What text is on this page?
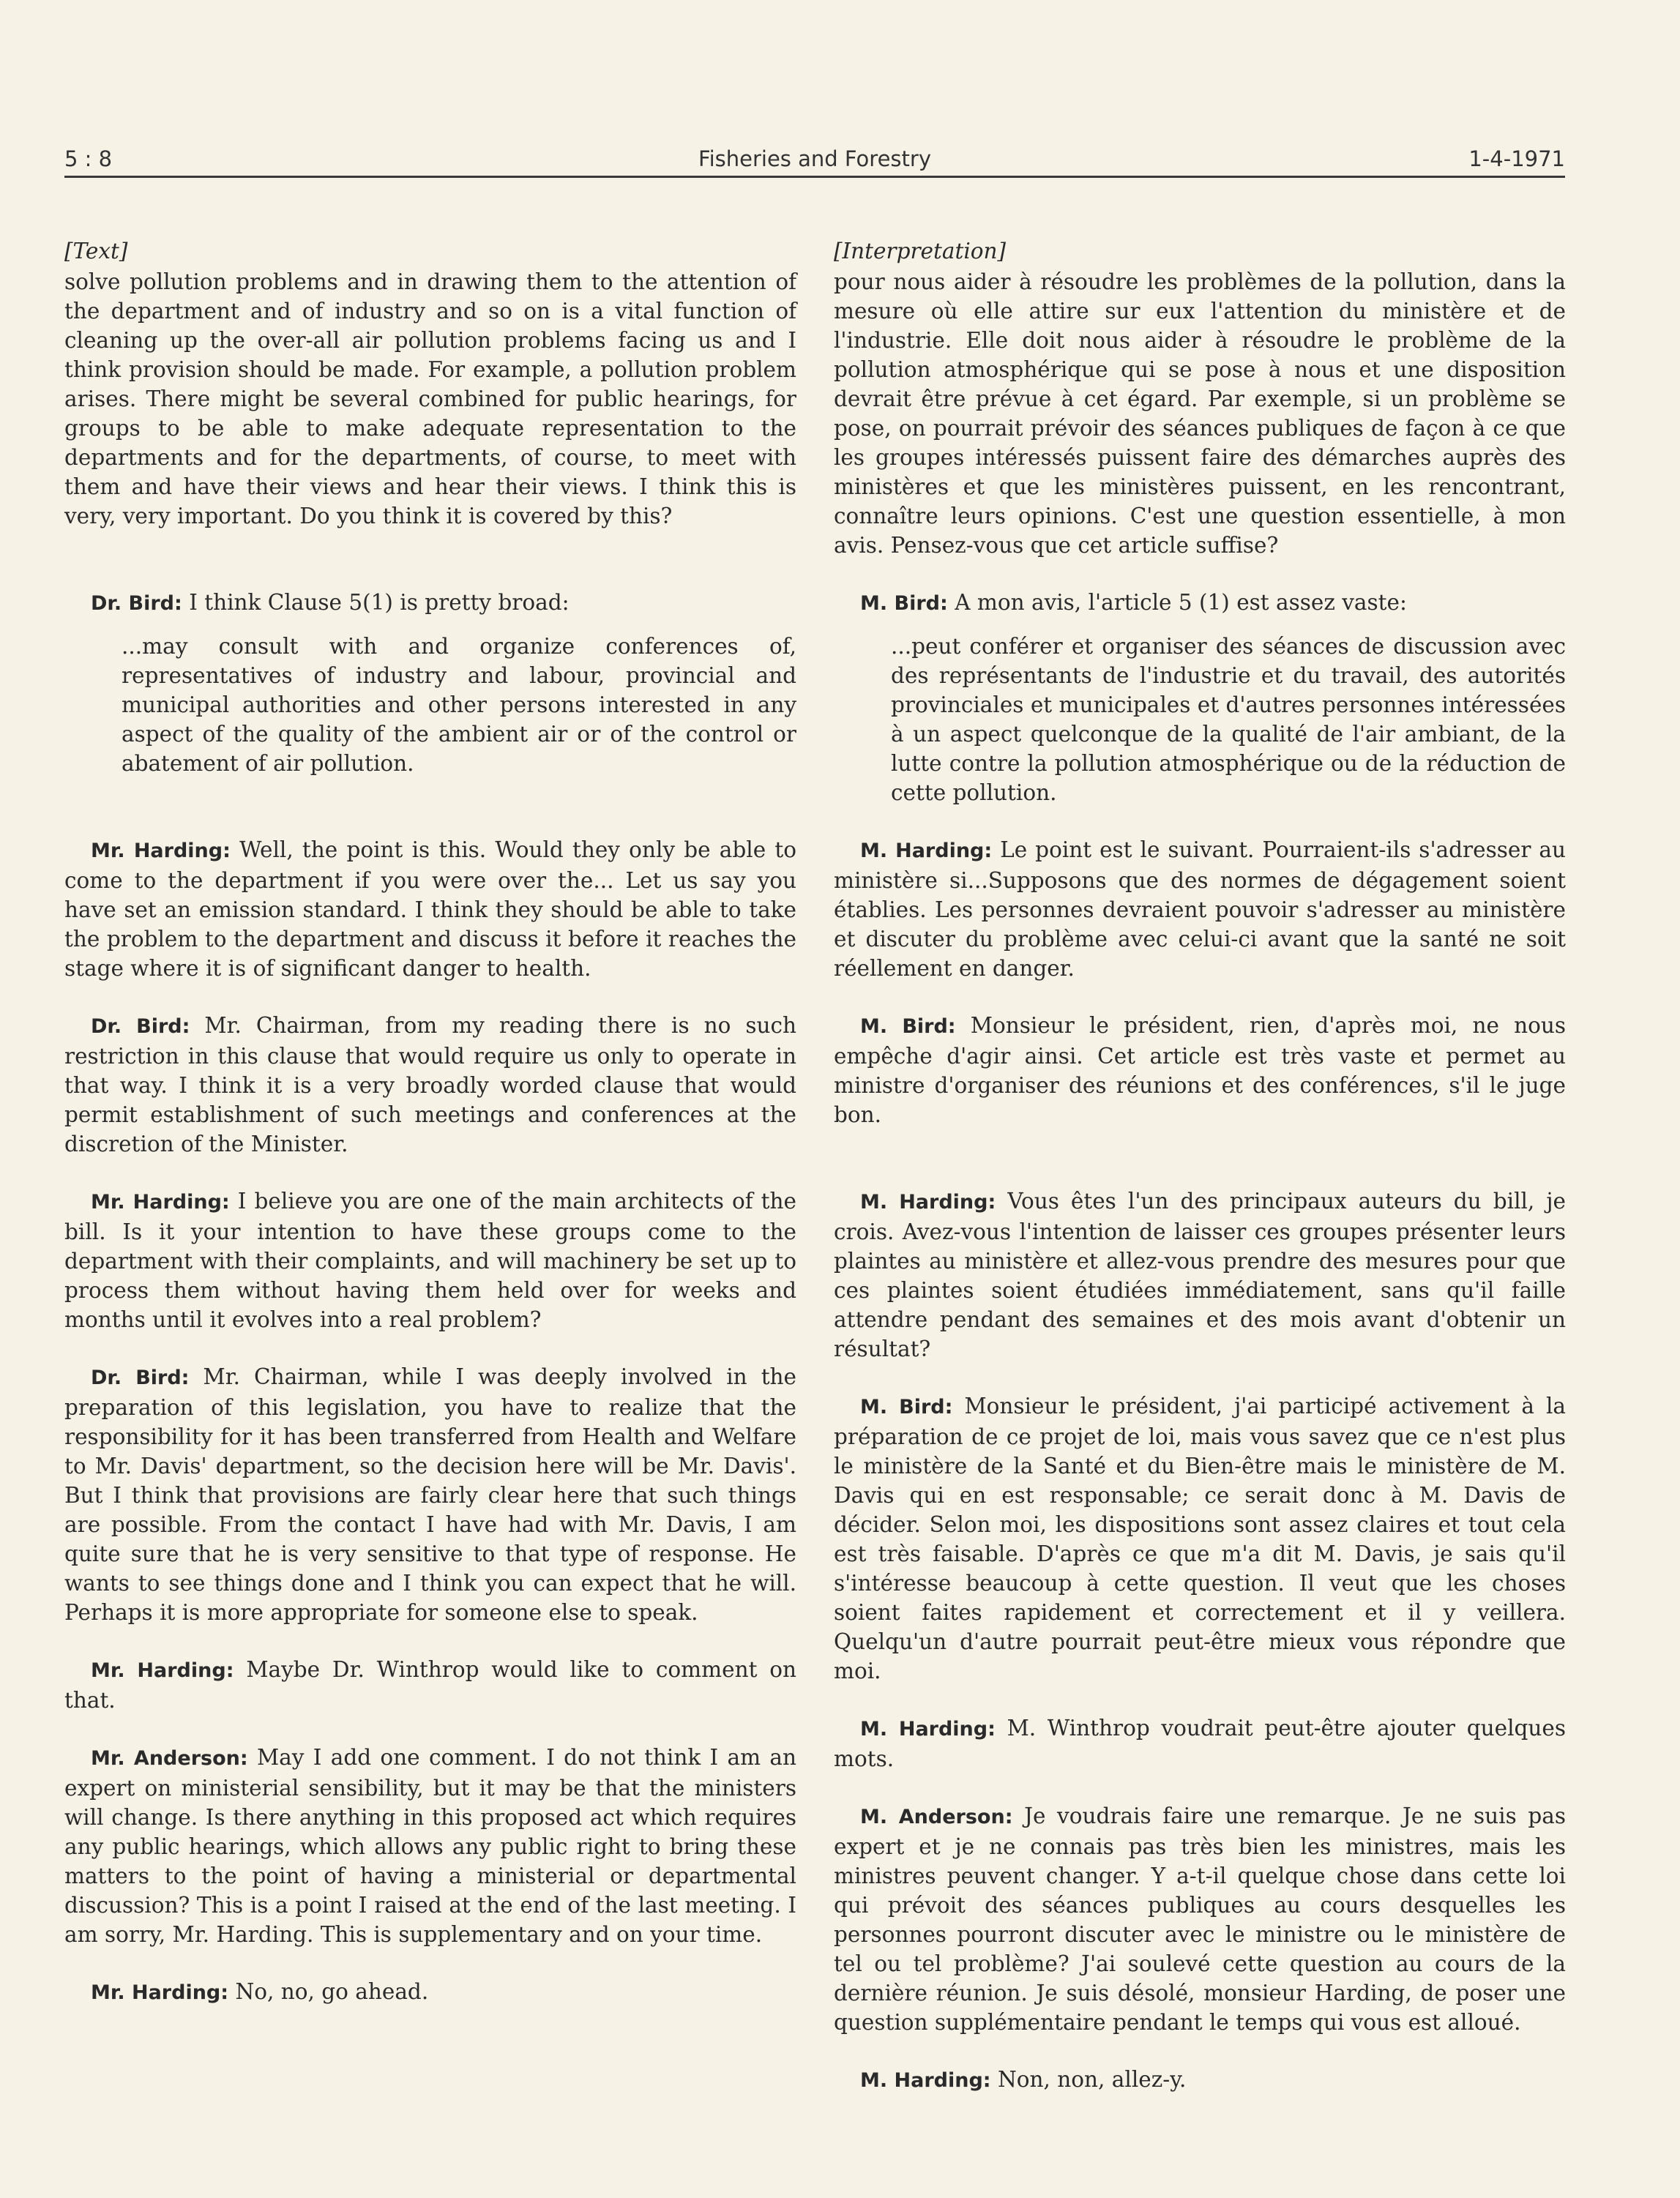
5 : 8	Fisheries and Forestry	1-4-1971

[Text]

solve pollution problems and in drawing them to the attention of the department and of industry and so on is a vital function of cleaning up the over-all air pollution problems facing us and I think provision should be made. For example, a pollution problem arises. There might be several combined for public hearings, for groups to be able to make adequate representation to the departments and for the departments, of course, to meet with them and have their views and hear their views. I think this is very, very important. Do you think it is covered by this?

Dr. Bird: I think Clause 5(1) is pretty broad:

...may consult with and organize conferences of, representatives of industry and labour, provincial and municipal authorities and other persons interested in any aspect of the quality of the ambient air or of the control or abatement of air pollution.

Mr. Harding: Well, the point is this. Would they only be able to come to the department if you were over the... Let us say you have set an emission standard. I think they should be able to take the problem to the department and discuss it before it reaches the stage where it is of significant danger to health.

Dr. Bird: Mr. Chairman, from my reading there is no such restriction in this clause that would require us only to operate in that way. I think it is a very broadly worded clause that would permit establishment of such meetings and conferences at the discretion of the Minister.

Mr. Harding: I believe you are one of the main architects of the bill. Is it your intention to have these groups come to the department with their complaints, and will machinery be set up to process them without having them held over for weeks and months until it evolves into a real problem?

Dr. Bird: Mr. Chairman, while I was deeply involved in the preparation of this legislation, you have to realize that the responsibility for it has been transferred from Health and Welfare to Mr. Davis' department, so the decision here will be Mr. Davis'. But I think that provisions are fairly clear here that such things are possible. From the contact I have had with Mr. Davis, I am quite sure that he is very sensitive to that type of response. He wants to see things done and I think you can expect that he will. Perhaps it is more appropriate for someone else to speak.

Mr. Harding: Maybe Dr. Winthrop would like to comment on that.

Mr. Anderson: May I add one comment. I do not think I am an expert on ministerial sensibility, but it may be that the ministers will change. Is there anything in this proposed act which requires any public hearings, which allows any public right to bring these matters to the point of having a ministerial or departmental discussion? This is a point I raised at the end of the last meeting. I am sorry, Mr. Harding. This is supplementary and on your time.

Mr. Harding: No, no, go ahead.

[Interpretation]

pour nous aider à résoudre les problèmes de la pollution, dans la mesure où elle attire sur eux l'attention du ministère et de l'industrie. Elle doit nous aider à résoudre le problème de la pollution atmosphérique qui se pose à nous et une disposition devrait être prévue à cet égard. Par exemple, si un problème se pose, on pourrait prévoir des séances publiques de façon à ce que les groupes intéressés puissent faire des démarches auprès des ministères et que les ministères puissent, en les rencontrant, connaître leurs opinions. C'est une question essentielle, à mon avis. Pensez-vous que cet article suffise?

M. Bird: A mon avis, l'article 5 (1) est assez vaste:

...peut conférer et organiser des séances de discussion avec des représentants de l'industrie et du travail, des autorités provinciales et municipales et d'autres personnes intéressées à un aspect quelconque de la qualité de l'air ambiant, de la lutte contre la pollution atmosphérique ou de la réduction de cette pollution.

M. Harding: Le point est le suivant. Pourraient-ils s'adresser au ministère si...Supposons que des normes de dégagement soient établies. Les personnes devraient pouvoir s'adresser au ministère et discuter du problème avec celui-ci avant que la santé ne soit réellement en danger.

M. Bird: Monsieur le président, rien, d'après moi, ne nous empêche d'agir ainsi. Cet article est très vaste et permet au ministre d'organiser des réunions et des conférences, s'il le juge bon.

M. Harding: Vous êtes l'un des principaux auteurs du bill, je crois. Avez-vous l'intention de laisser ces groupes présenter leurs plaintes au ministère et allez-vous prendre des mesures pour que ces plaintes soient étudiées immédiatement, sans qu'il faille attendre pendant des semaines et des mois avant d'obtenir un résultat?

M. Bird: Monsieur le président, j'ai participé activement à la préparation de ce projet de loi, mais vous savez que ce n'est plus le ministère de la Santé et du Bien-être mais le ministère de M. Davis qui en est responsable; ce serait donc à M. Davis de décider. Selon moi, les dispositions sont assez claires et tout cela est très faisable. D'après ce que m'a dit M. Davis, je sais qu'il s'intéresse beaucoup à cette question. Il veut que les choses soient faites rapidement et correctement et il y veillera. Quelqu'un d'autre pourrait peut-être mieux vous répondre que moi.

M. Harding: M. Winthrop voudrait peut-être ajouter quelques mots.

M. Anderson: Je voudrais faire une remarque. Je ne suis pas expert et je ne connais pas très bien les ministres, mais les ministres peuvent changer. Y a-t-il quelque chose dans cette loi qui prévoit des séances publiques au cours desquelles les personnes pourront discuter avec le ministre ou le ministère de tel ou tel problème? J'ai soulevé cette question au cours de la dernière réunion. Je suis désolé, monsieur Harding, de poser une question supplémentaire pendant le temps qui vous est alloué.

M. Harding: Non, non, allez-y.
